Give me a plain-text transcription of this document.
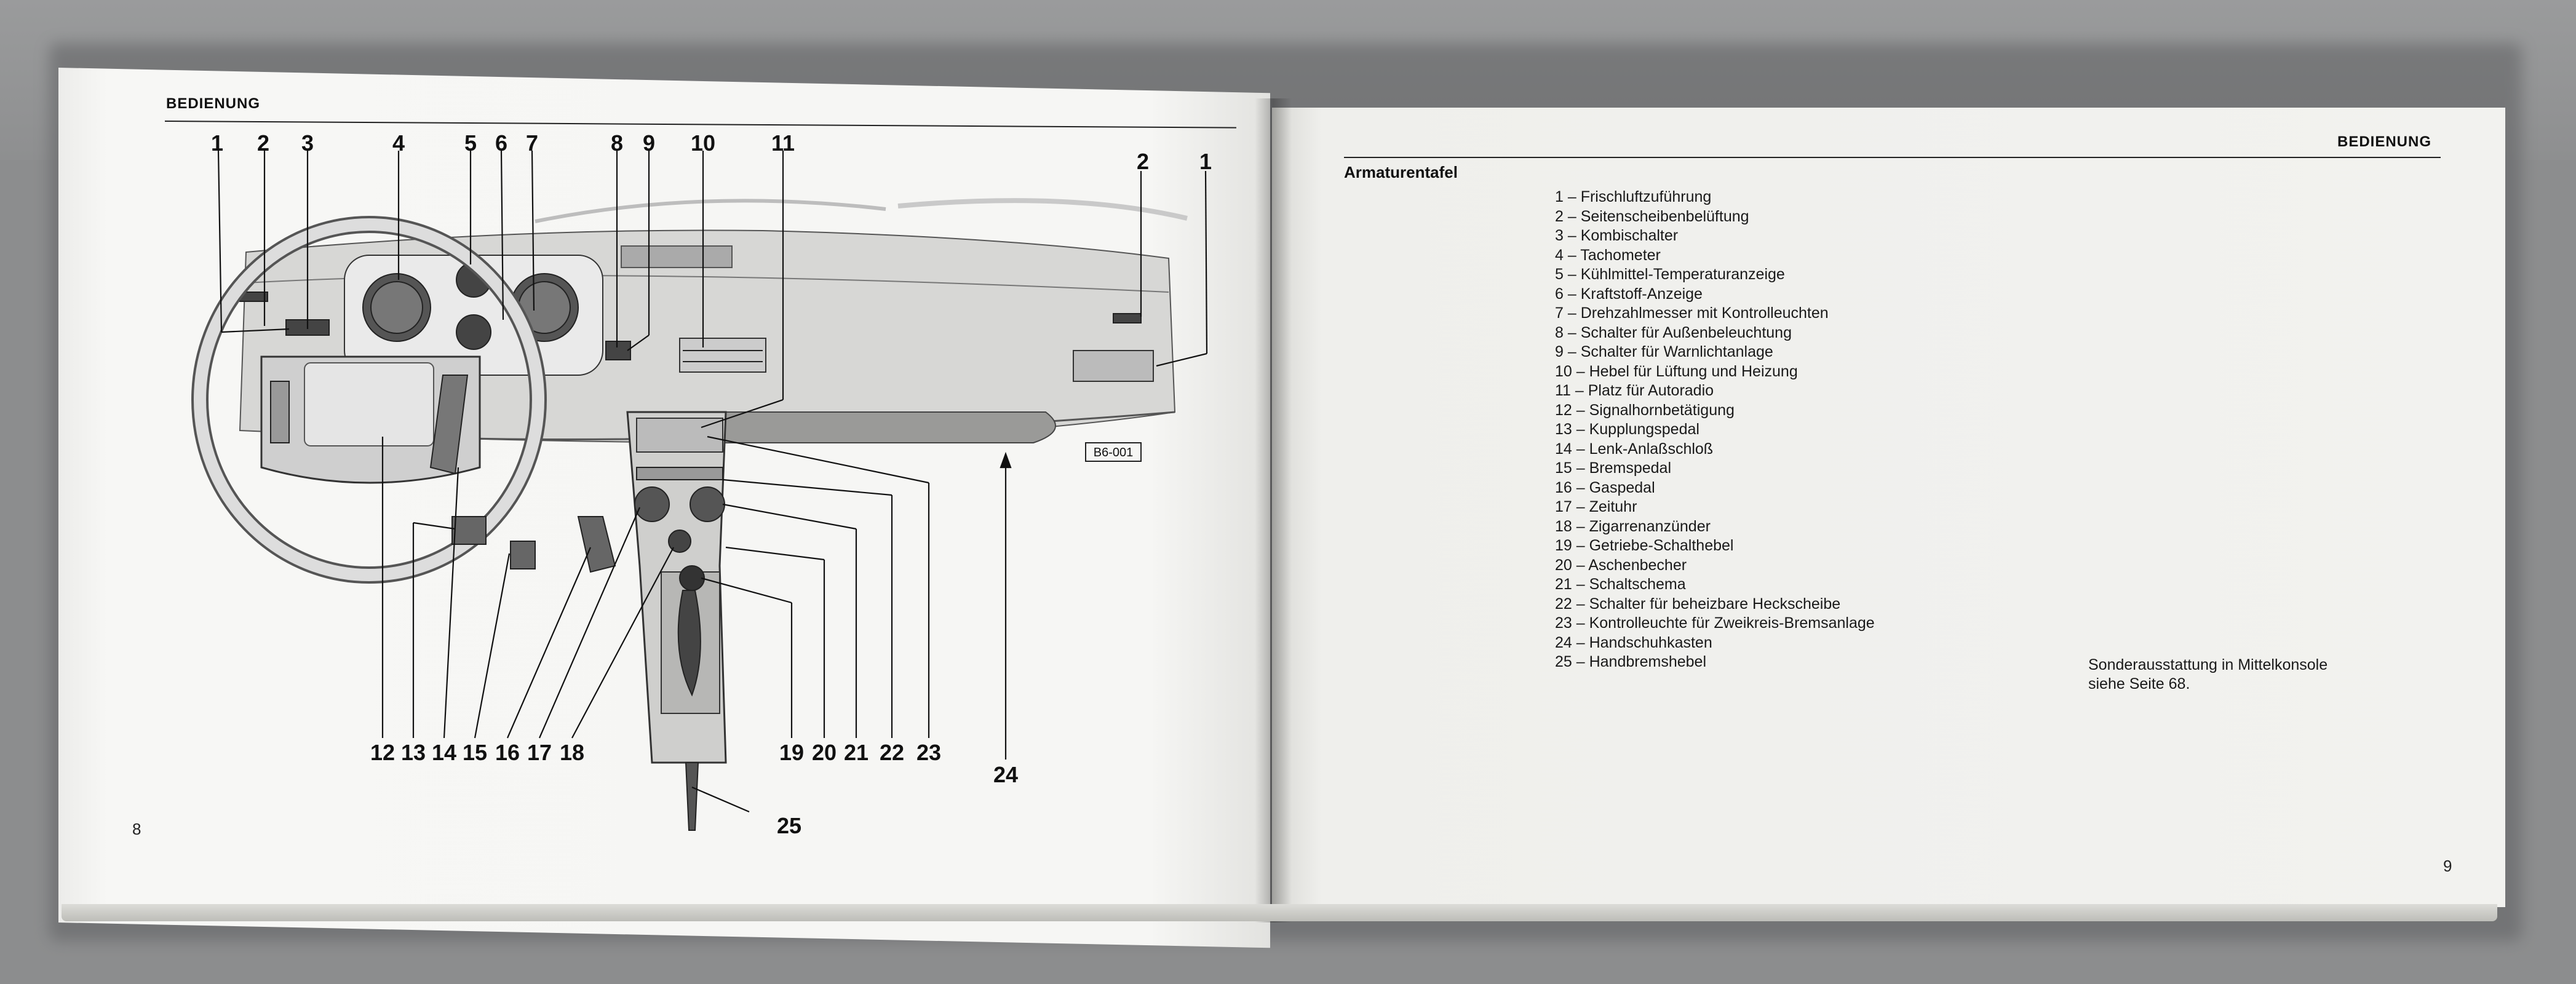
BEDIENUNG
8
1 2 3	4	5 6 7	8 9 10	11
2 1
12 13 14 15 16 17 18	19 20 21 22 23
24
25
B6-001
BEDIENUNG
Armaturentafel
1 – Frischluftzuführung
2 – Seitenscheibenbelüftung
3 – Kombischalter
4 – Tachometer
5 – Kühlmittel-Temperaturanzeige
6 – Kraftstoff-Anzeige
7 – Drehzahlmesser mit Kontrolleuchten
8 – Schalter für Außenbeleuchtung
9 – Schalter für Warnlichtanlage
10 – Hebel für Lüftung und Heizung
11 – Platz für Autoradio
12 – Signalhornbetätigung
13 – Kupplungspedal
14 – Lenk-Anlaßschloß
15 – Bremspedal
16 – Gaspedal
17 – Zeituhr
18 – Zigarrenanzünder
19 – Getriebe-Schalthebel
20 – Aschenbecher
21 – Schaltschema
22 – Schalter für beheizbare Heckscheibe
23 – Kontrolleuchte für Zweikreis-Bremsanlage
24 – Handschuhkasten
25 – Handbremshebel	Sonderausstattung in Mittelkonsole
siehe Seite 68.
9
